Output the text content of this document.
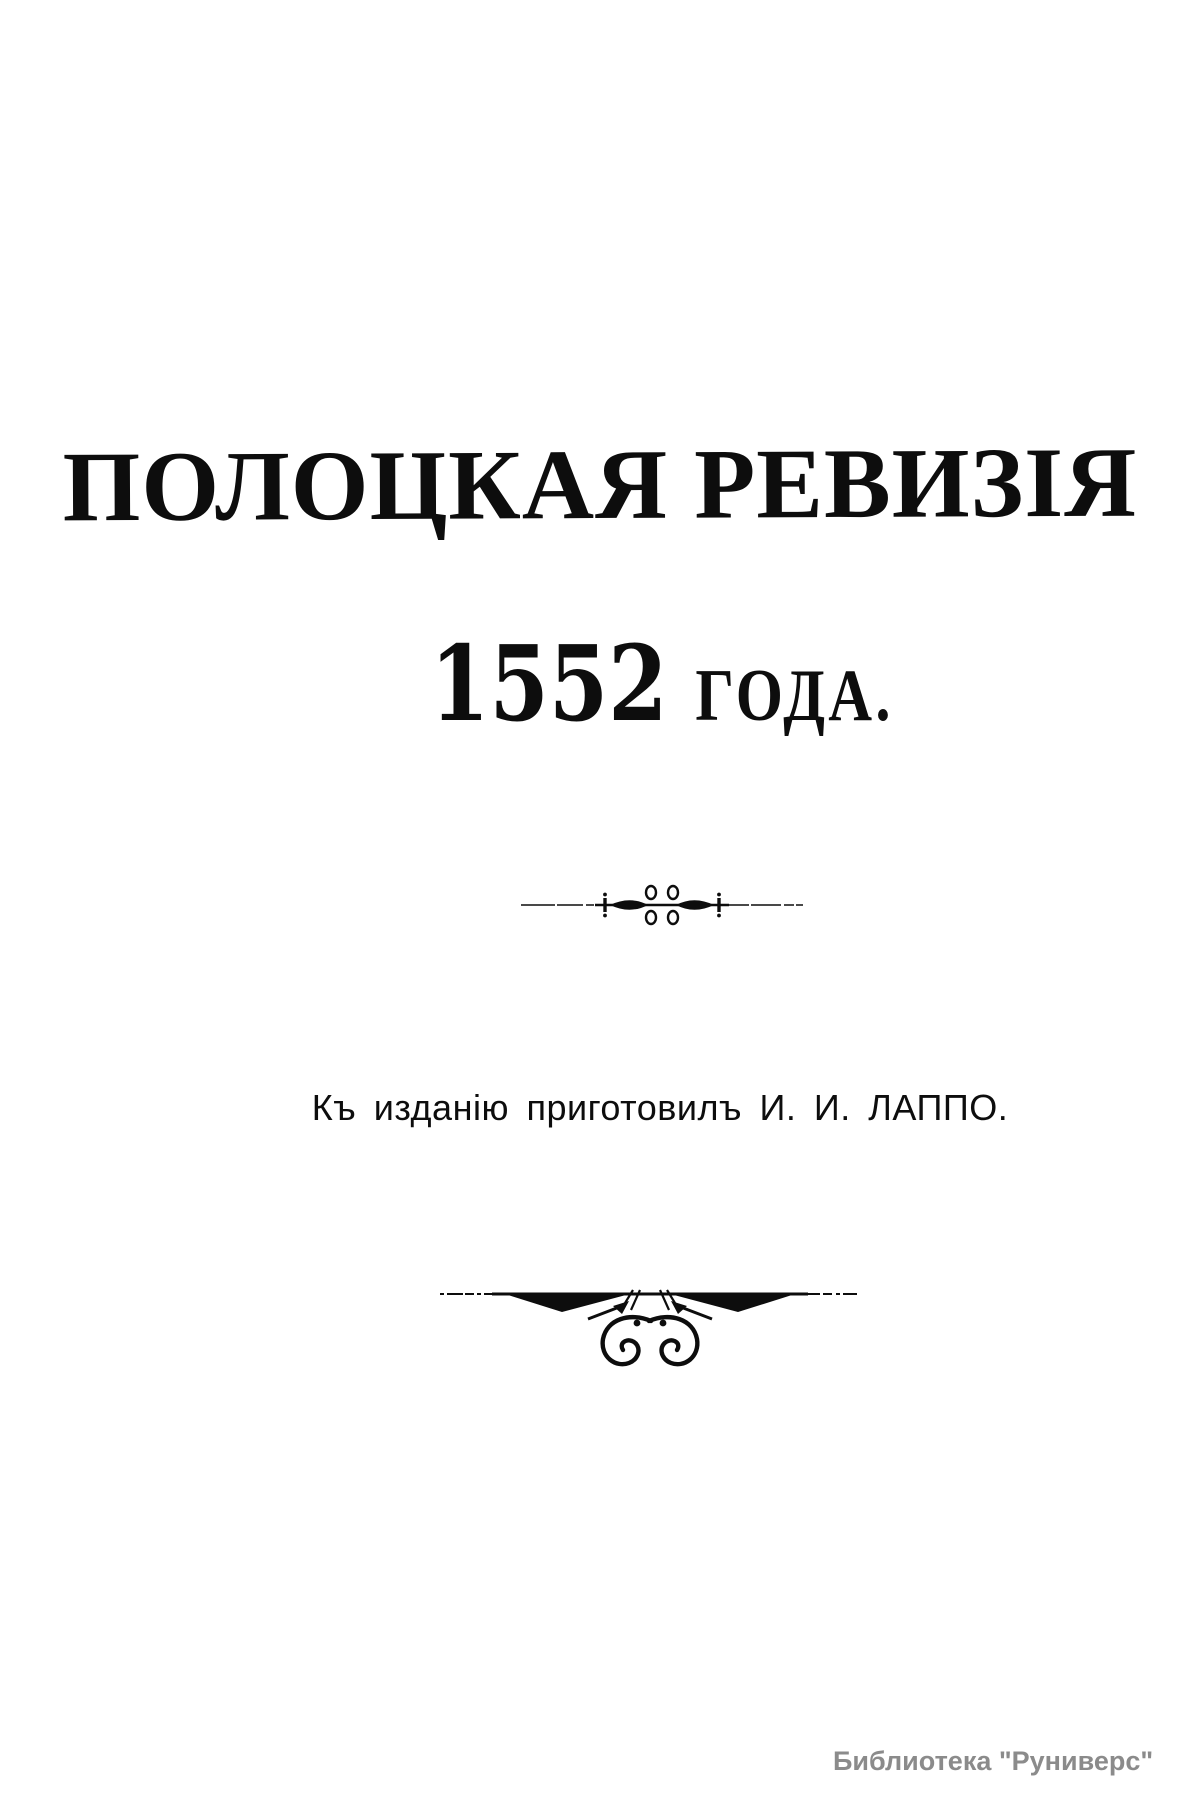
ПОЛОЦКАЯ РЕВИЗІЯ
1552 ГОДА.
Къ изданію приготовилъ И. И. ЛАППО.
Библиотека "Руниверс"
